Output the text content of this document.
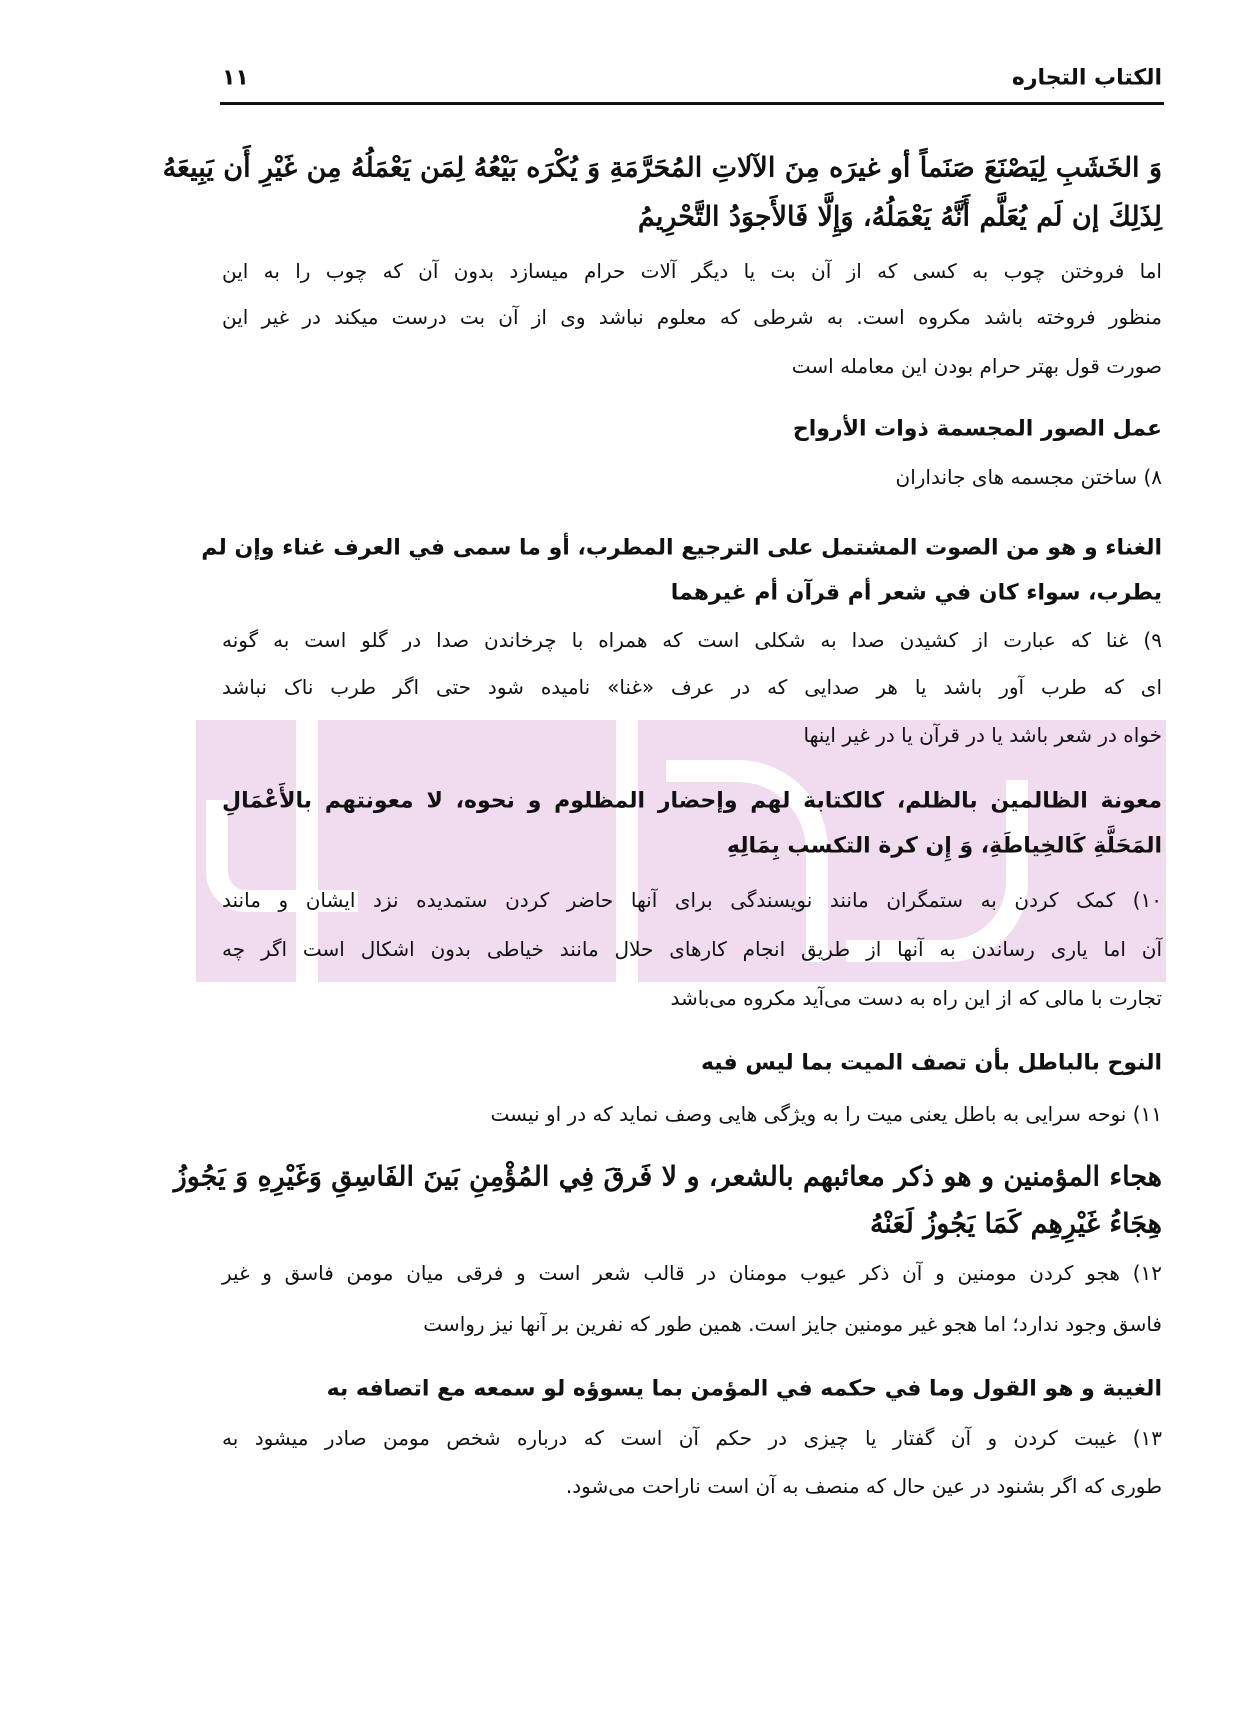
الکتاب التجاره
۱۱
وَ الخَشَبِ لِيَصْنَعَ صَنَماً أو غيرَه مِنَ الآلاتِ المُحَرَّمَةِ وَ يُكْرَه بَيْعُهُ لِمَن يَعْمَلُهُ مِن غَيْرِ أَن يَبِيعَهُ
لِذَلِكَ إن لَم يُعَلَّم أَنَّهُ يَعْمَلُهُ، وَإِلَّا فَالأَجوَدُ التَّحْرِيمُ
اما فروختن چوب به کسی که از آن بت یا دیگر آلات حرام میسازد بدون آن که چوب را به این
منظور فروخته باشد مکروه است. به شرطی که معلوم نباشد وی از آن بت درست میکند در غیر این
صورت قول بهتر حرام بودن این معامله است
عمل الصور المجسمة ذوات الأرواح
۸) ساختن مجسمه های جانداران
الغناء و هو من الصوت المشتمل على الترجيع المطرب، أو ما سمى في العرف غناء وإن لم
يطرب، سواء كان في شعر أم قرآن أم غيرهما
۹) غنا که عبارت از کشیدن صدا به شکلی است که همراه با چرخاندن صدا در گلو است به گونه
ای که طرب آور باشد یا هر صدایی که در عرف «غنا» نامیده شود حتی اگر طرب ناک نباشد
خواه در شعر باشد یا در قرآن یا در غیر اینها
معونة الظالمين بالظلم، كالكتابة لهم وإحضار المظلوم و نحوه، لا معونتهم بالأَعْمَالِ
المَحَلَّةِ كَالخِياطَةِ، وَ إِن كرة التكسب بِمَالِهِ
۱۰) کمک کردن به ستمگران مانند نویسندگی برای آنها حاضر کردن ستمدیده نزد ایشان و مانند
آن اما یاری رساندن به آنها از طریق انجام کارهای حلال مانند خیاطی بدون اشکال است اگر چه
تجارت با مالی که از این راه به دست می‌آید مکروه می‌باشد
النوح بالباطل بأن تصف الميت بما ليس فيه
۱۱) نوحه سرایی به باطل یعنی میت را به ویژگی هایی وصف نماید که در او نیست
هجاء المؤمنين و هو ذكر معائبهم بالشعر، و لا فَرقَ فِي المُؤْمِنِ بَينَ الفَاسِقِ وَغَيْرِهِ وَ يَجُوزُ
هِجَاءُ غَيْرِهِم كَمَا يَجُوزُ لَعَنْهُ
۱۲) هجو کردن مومنین و آن ذکر عیوب مومنان در قالب شعر است و فرقی میان مومن فاسق و غیر
فاسق وجود ندارد؛ اما هجو غیر مومنین جایز است. همین طور که نفرین بر آنها نیز رواست
الغيبة و هو القول وما في حكمه في المؤمن بما يسوؤه لو سمعه مع اتصافه به
۱۳) غیبت کردن و آن گفتار یا چیزی در حکم آن است که درباره شخص مومن صادر میشود به
طوری که اگر بشنود در عین حال که منصف به آن است ناراحت می‌شود.
